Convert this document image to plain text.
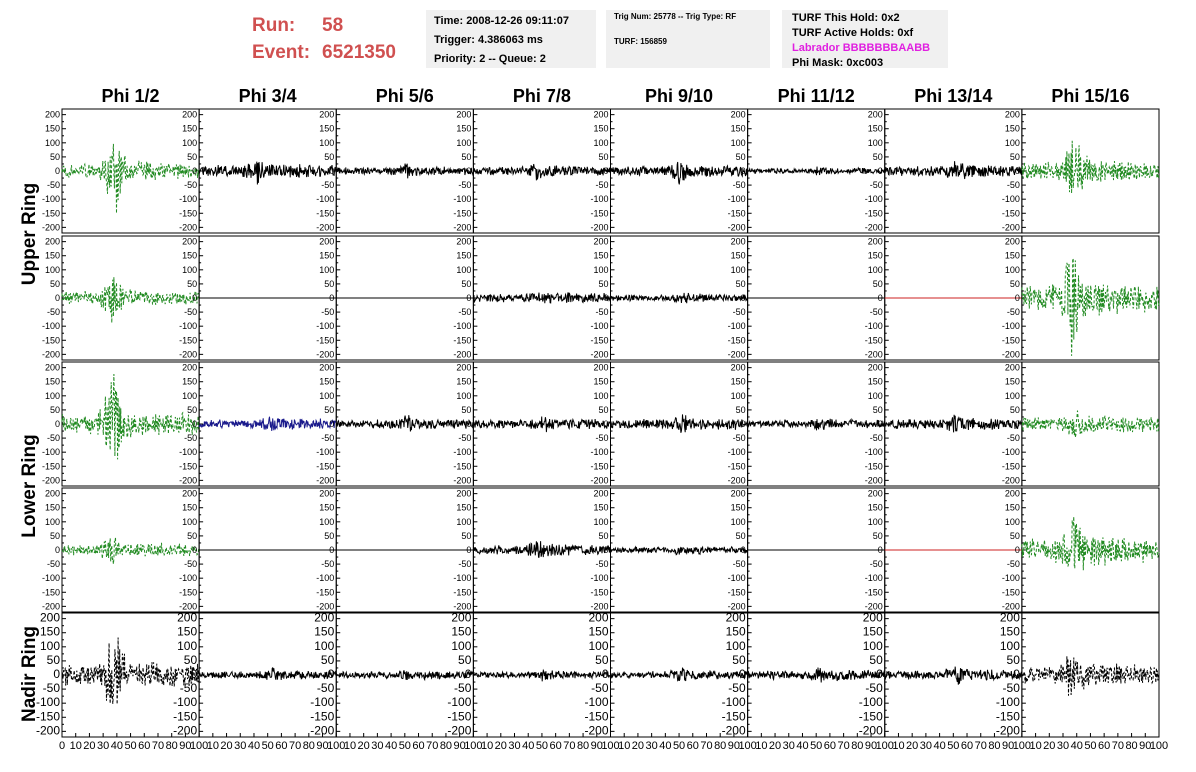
Run: 58
Event: 6521350
Time: 2008-12-26 09:11:07
Trigger: 4.386063 ms
Priority: 2 -- Queue: 2
Trig Num: 25778 -- Trig Type: RF
TURF: 156859
TURF This Hold: 0x2
TURF Active Holds: 0xf
Labrador BBBBBBBAABB
Phi Mask: 0xc003
Phi 1/2	Phi 3/4	Phi 5/6	Phi 7/8	Phi 9/10	Phi 11/12	Phi 13/14	Phi 15/16
Upper Ring
Lower Ring
Nadir Ring
200
150
100
50
0
-50
-100
-150
-200
200
150
100
50
0
-50
-100
-150
-200
200
150
100
50
0
-50
-100
-150
-200
200
150
100
50
0
-50
-100
-150
-200
200
150
100
50
0
-50
-100
-150
-200
200
150
100
50
0
-50
-100
-150
-200
200
150
100
50
0
-50
-100
-150
-200
200
150
100
50
0
-50
-100
-150
-200
200
150
100
50
0
-50
-100
-150
-200
200
150
100
50
0
-50
-100
-150
-200
200
150
100
50
0
-50
-100
-150
-200
200
150
100
50
0
-50
-100
-150
-200
200
150
100
50
0
-50
-100
-150
-200
200
150
100
50
0
-50
-100
-150
-200
200
150
100
50
0
-50
-100
-150
-200
200
150
100
50
0
-50
-100
-150
-200
200
150
100
50
0
-50
-100
-150
-200
200
150
100
50
0
-50
-100
-150
-200
200
150
100
50
0
-50
-100
-150
-200
200
150
100
50
0
-50
-100
-150
-200
200
150
100
50
0
-50
-100
-150
-200
200
150
100
50
0
-50
-100
-150
-200
200
150
100
50
0
-50
-100
-150
-200
200
150
100
50
0
-50
-100
-150
-200
200
150
100
50
0
-50
-100
-150
-200
200
150
100
50
0
-50
-100
-150
-200
200
150
100
50
0
-50
-100
-150
-200
200
150
100
50
0
-50
-100
-150
-200
200
150
100
50
0
-50
-100
-150
-200
200
150
100
50
0
-50
-100
-150
-200
200
150
100
50
0
-50
-100
-150
-200
200
150
100
50
0
-50
-100
-150
-200
200
150
100
50
0
-50
-100
-150
-200
0 10 20 30 40 50 60 70 80 90
100
200
150
100
50
0
-50
-100
-150
-200
10 20 30 40 50 60 70 80 90
100
200
150
100
50
0
-50
-100
-150
-200
10 20 30 40 50 60 70 80 90
100
200
150
100
50
0
-50
-100
-150
-200
10 20 30 40 50 60 70 80 90
100
200
150
100
50
0
-50
-100
-150
-200
10 20 30 40 50 60 70 80 90
100
200
150
100
50
0
-50
-100
-150
-200
10 20 30 40 50 60 70 80 90
100
200
150
100
50
0
-50
-100
-150
-200
10 20 30 40 50 60 70 80 90
100
200
150
100
50
0
-50
-100
-150
-200
10 20 30 40 50 60 70 80 90
100
